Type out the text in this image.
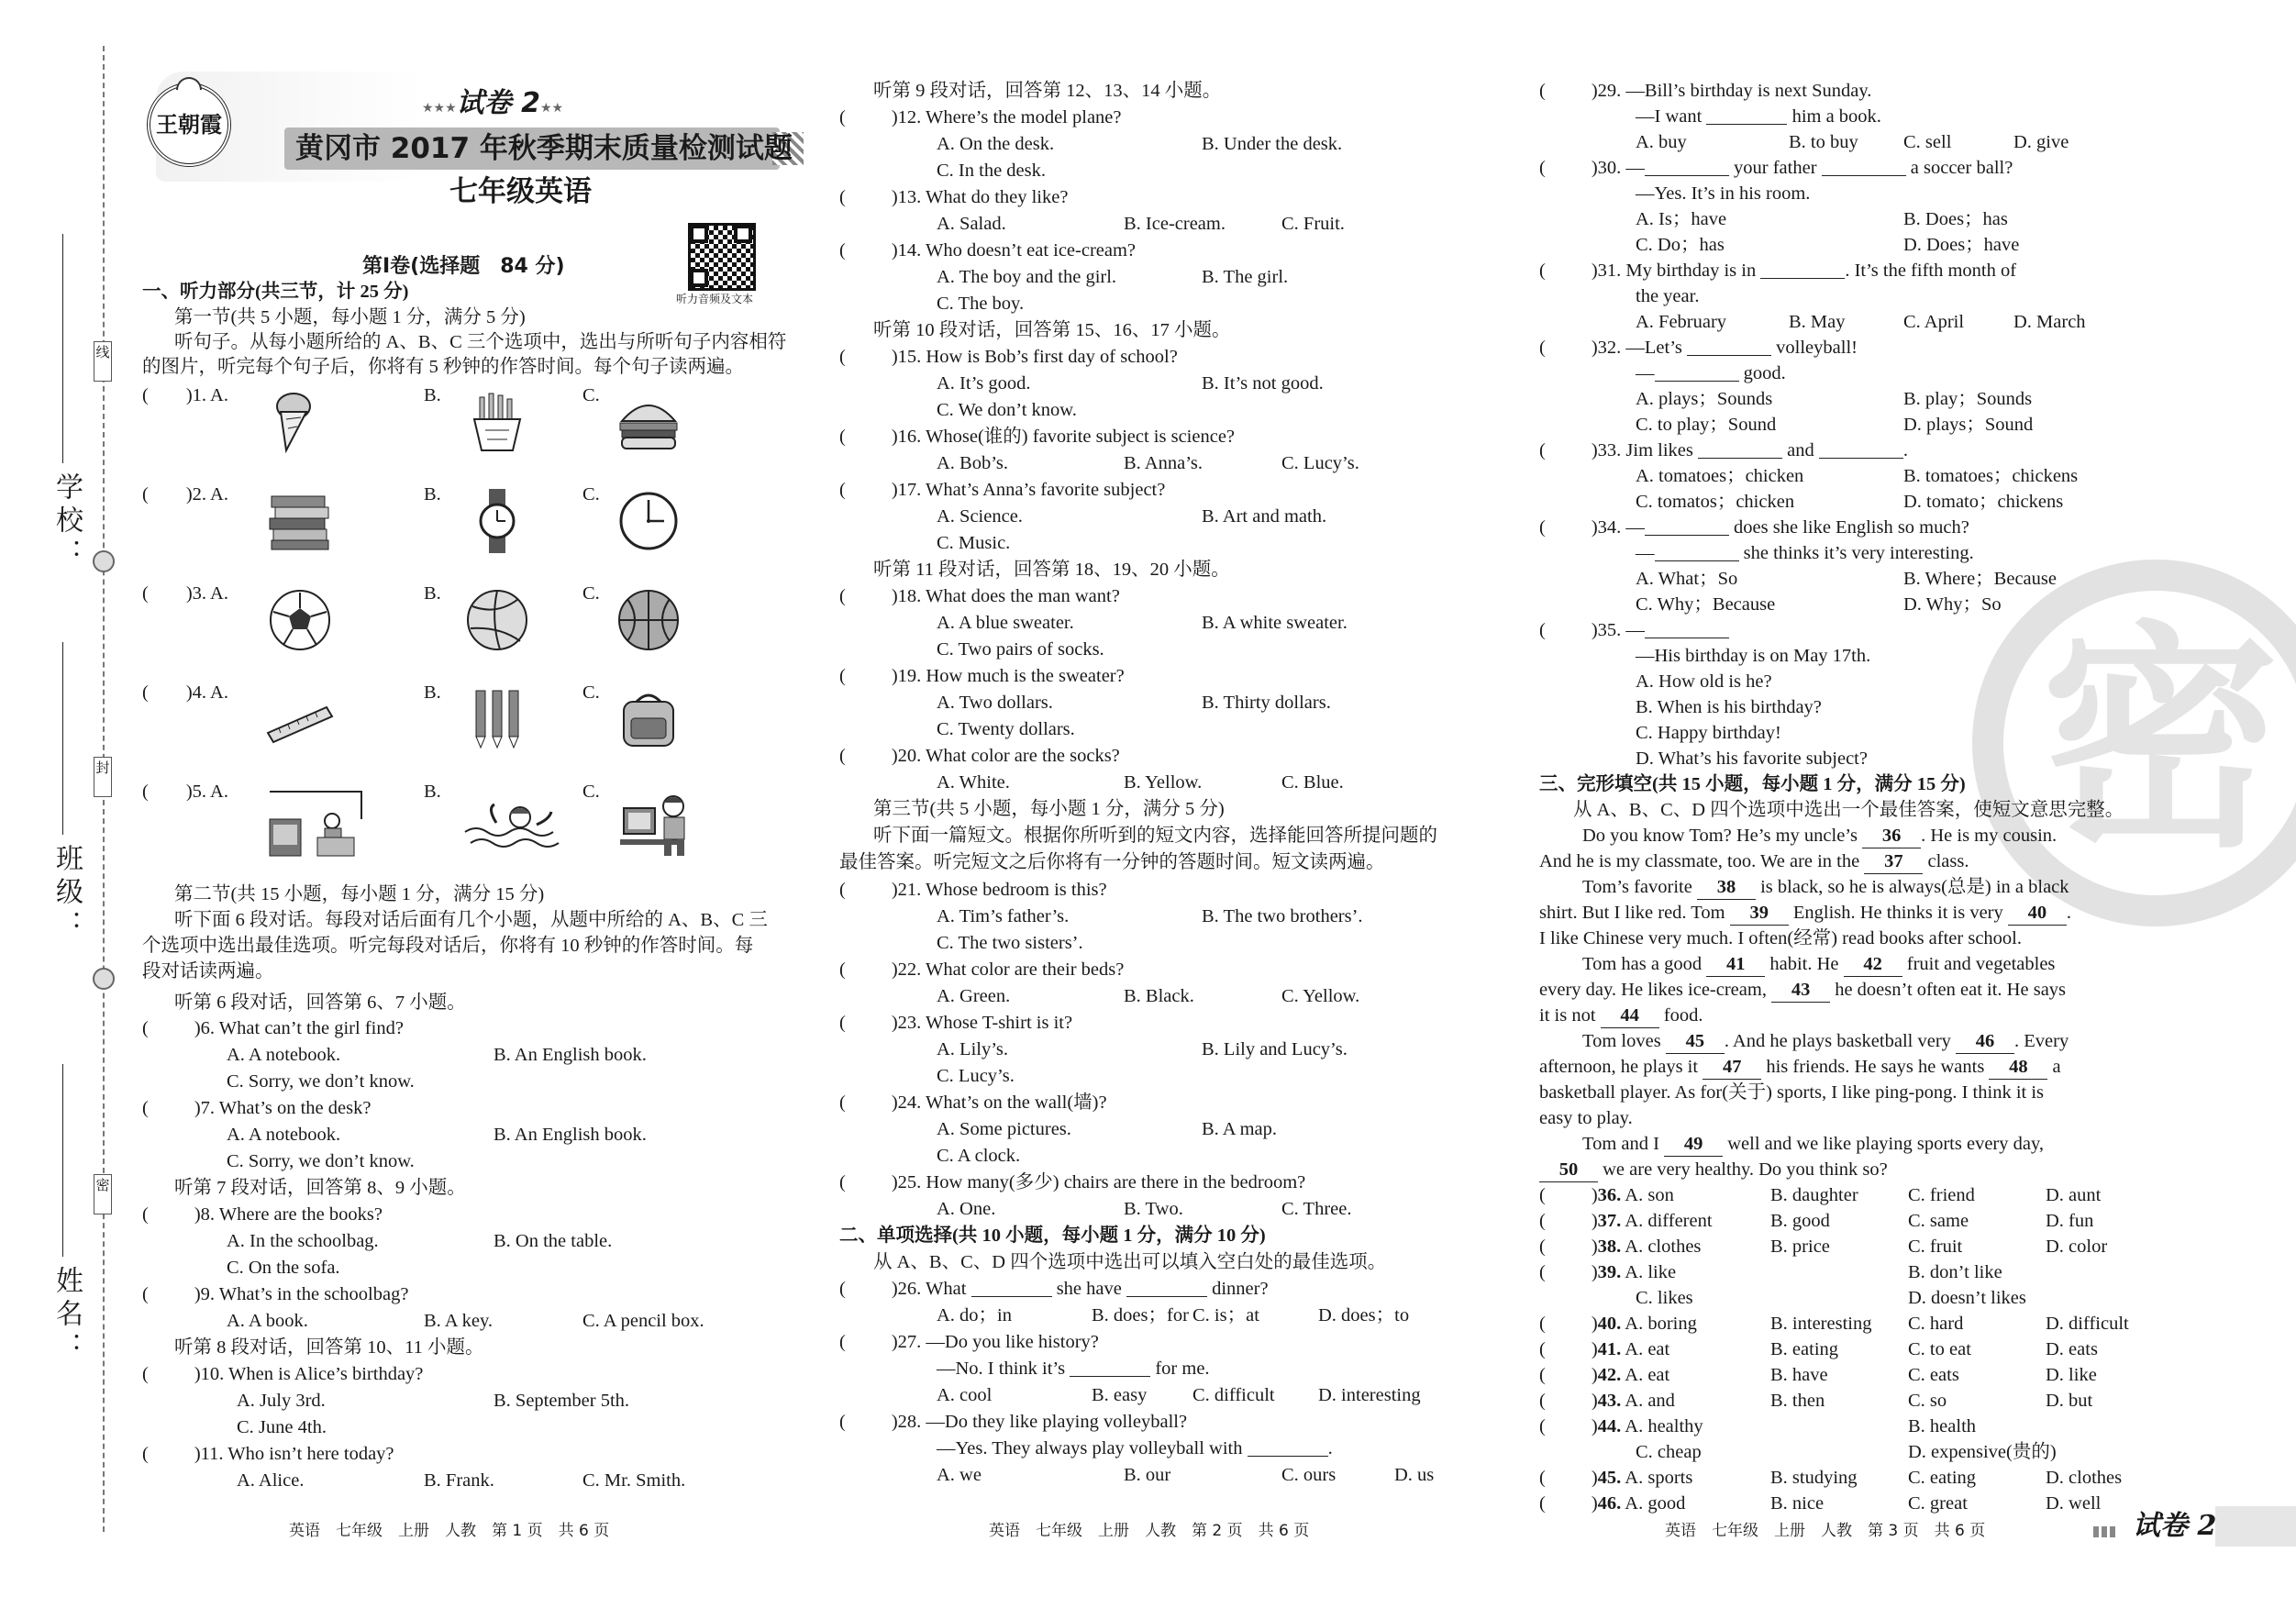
线
封
密
学校：
班级：
姓名：
王朝霞
★★★试卷 2★★
黄冈市 2017 年秋季期末质量检测试题
七年级英语
听力音频及文本
密
第Ⅰ卷(选择题　84 分)
一、听力部分(共三节，计 25 分)
第一节(共 5 小题，每小题 1 分，满分 5 分)
听句子。从每小题所给的 A、B、C 三个选项中，选出与所听句子内容相符
的图片，听完每个句子后，你将有 5 秒钟的作答时间。每个句子读两遍。
(　　)1. A.	B.	C.
(　　)2. A.	B.	C.
(　　)3. A.	B.	C.
(　　)4. A.	B.	C.
(　　)5. A.	B.	C.
第二节(共 15 小题，每小题 1 分，满分 15 分)
听下面 6 段对话。每段对话后面有几个小题，从题中所给的 A、B、C 三
个选项中选出最佳选项。听完每段对话后，你将有 10 秒钟的作答时间。每
段对话读两遍。
听第 6 段对话，回答第 6、7 小题。
( )6. What can’t the girl find?
A. A notebook.	B. An English book.
C. Sorry, we don’t know.
( )7. What’s on the desk?
A. A notebook.	B. An English book.
C. Sorry, we don’t know.
听第 7 段对话，回答第 8、9 小题。
( )8. Where are the books?
A. In the schoolbag.	B. On the table.
C. On the sofa.
( )9. What’s in the schoolbag?
A. A book.	B. A key.	C. A pencil box.
听第 8 段对话，回答第 10、11 小题。
( )10. When is Alice’s birthday?
A. July 3rd.	B. September 5th.
C. June 4th.
( )11. Who isn’t here today?
A. Alice.	B. Frank.	C. Mr. Smith.
听第 9 段对话，回答第 12、13、14 小题。
( )12. Where’s the model plane?
A. On the desk.	B. Under the desk.
C. In the desk.
( )13. What do they like?
A. Salad.	B. Ice-cream.	C. Fruit.
( )14. Who doesn’t eat ice-cream?
A. The boy and the girl.	B. The girl.
C. The boy.
听第 10 段对话，回答第 15、16、17 小题。
( )15. How is Bob’s first day of school?
A. It’s good.	B. It’s not good.
C. We don’t know.
( )16. Whose(谁的) favorite subject is science?
A. Bob’s.	B. Anna’s.	C. Lucy’s.
( )17. What’s Anna’s favorite subject?
A. Science.	B. Art and math.
C. Music.
听第 11 段对话，回答第 18、19、20 小题。
( )18. What does the man want?
A. A blue sweater.	B. A white sweater.
C. Two pairs of socks.
( )19. How much is the sweater?
A. Two dollars.	B. Thirty dollars.
C. Twenty dollars.
( )20. What color are the socks?
A. White.	B. Yellow.	C. Blue.
第三节(共 5 小题，每小题 1 分，满分 5 分)
听下面一篇短文。根据你所听到的短文内容，选择能回答所提问题的
最佳答案。听完短文之后你将有一分钟的答题时间。短文读两遍。
( )21. Whose bedroom is this?
A. Tim’s father’s.	B. The two brothers’.
C. The two sisters’.
( )22. What color are their beds?
A. Green.	B. Black.	C. Yellow.
( )23. Whose T-shirt is it?
A. Lily’s.	B. Lily and Lucy’s.
C. Lucy’s.
( )24. What’s on the wall(墙)?
A. Some pictures.	B. A map.
C. A clock.
( )25. How many(多少) chairs are there in the bedroom?
A. One.	B. Two.	C. Three.
二、单项选择(共 10 小题，每小题 1 分，满分 10 分)
从 A、B、C、D 四个选项中选出可以填入空白处的最佳选项。
( )26. What	she have	dinner?
A. do；in	B. does；for C. is；at	D. does；to
( )27. —Do you like history?
—No. I think it’s	for me.
A. cool	B. easy C. difficult D. interesting
( )28. —Do they like playing volleyball?
—Yes. They always play volleyball with	.
A. we	B. our	C. ours	D. us
( )29. —Bill’s birthday is next Sunday.
—I want	him a book.
A. buy	B. to buy C. sell	D. give
( )30. —	your father	a soccer ball?
—Yes. It’s in his room.
A. Is；have	B. Does；has
C. Do；has	D. Does；have
( )31. My birthday is in	. It’s the fifth month of
the year.
A. February	B. May	C. April	D. March
( )32. —Let’s	volleyball!
—	good.
A. plays；Sounds	B. play；Sounds
C. to play；Sound	D. plays；Sound
( )33. Jim likes	and	.
A. tomatoes；chicken	B. tomatoes；chickens
C. tomatos；chicken	D. tomato；chickens
( )34. —	does she like English so much?
—	she thinks it’s very interesting.
A. What；So	B. Where；Because
C. Why；Because	D. Why；So
( )35. —
—His birthday is on May 17th.
A. How old is he?
B. When is his birthday?
C. Happy birthday!
D. What’s his favorite subject?
三、完形填空(共 15 小题，每小题 1 分，满分 15 分)
从 A、B、C、D 四个选项中选出一个最佳答案，使短文意思完整。
Do you know Tom? He’s my uncle’s 36 . He is my cousin.
And he is my classmate, too. We are in the 37 class.
Tom’s favorite 38 is black, so he is always(总是) in a black
shirt. But I like red. Tom 39 English. He thinks it is very 40 .
I like Chinese very much. I often(经常) read books after school.
Tom has a good 41 habit. He 42 fruit and vegetables
every day. He likes ice-cream, 43 he doesn’t often eat it. He says
it is not 44 food.
Tom loves 45 . And he plays basketball very 46 . Every
afternoon, he plays it 47 his friends. He says he wants 48 a
basketball player. As for(关于) sports, I like ping-pong. I think it is
easy to play.
Tom and I 49 well and we like playing sports every day,
50 we are very healthy. Do you think so?
( )36. A. son	B. daughter	C. friend	D. aunt
( )37. A. different	B. good	C. same	D. fun
( )38. A. clothes	B. price	C. fruit	D. color
( )39. A. like	B. don’t like
C. likes	D. doesn’t likes
( )40. A. boring	B. interesting C. hard	D. difficult
( )41. A. eat	B. eating	C. to eat	D. eats
( )42. A. eat	B. have	C. eats	D. like
( )43. A. and	B. then	C. so	D. but
( )44. A. healthy	B. health
C. cheap	D. expensive(贵的)
( )45. A. sports	B. studying	C. eating	D. clothes
( )46. A. good	B. nice	C. great	D. well
英语　七年级　上册　人教　第 1 页　共 6 页	英语　七年级　上册　人教　第 2 页　共 6 页	英语　七年级　上册　人教　第 3 页　共 6 页	试卷 2
